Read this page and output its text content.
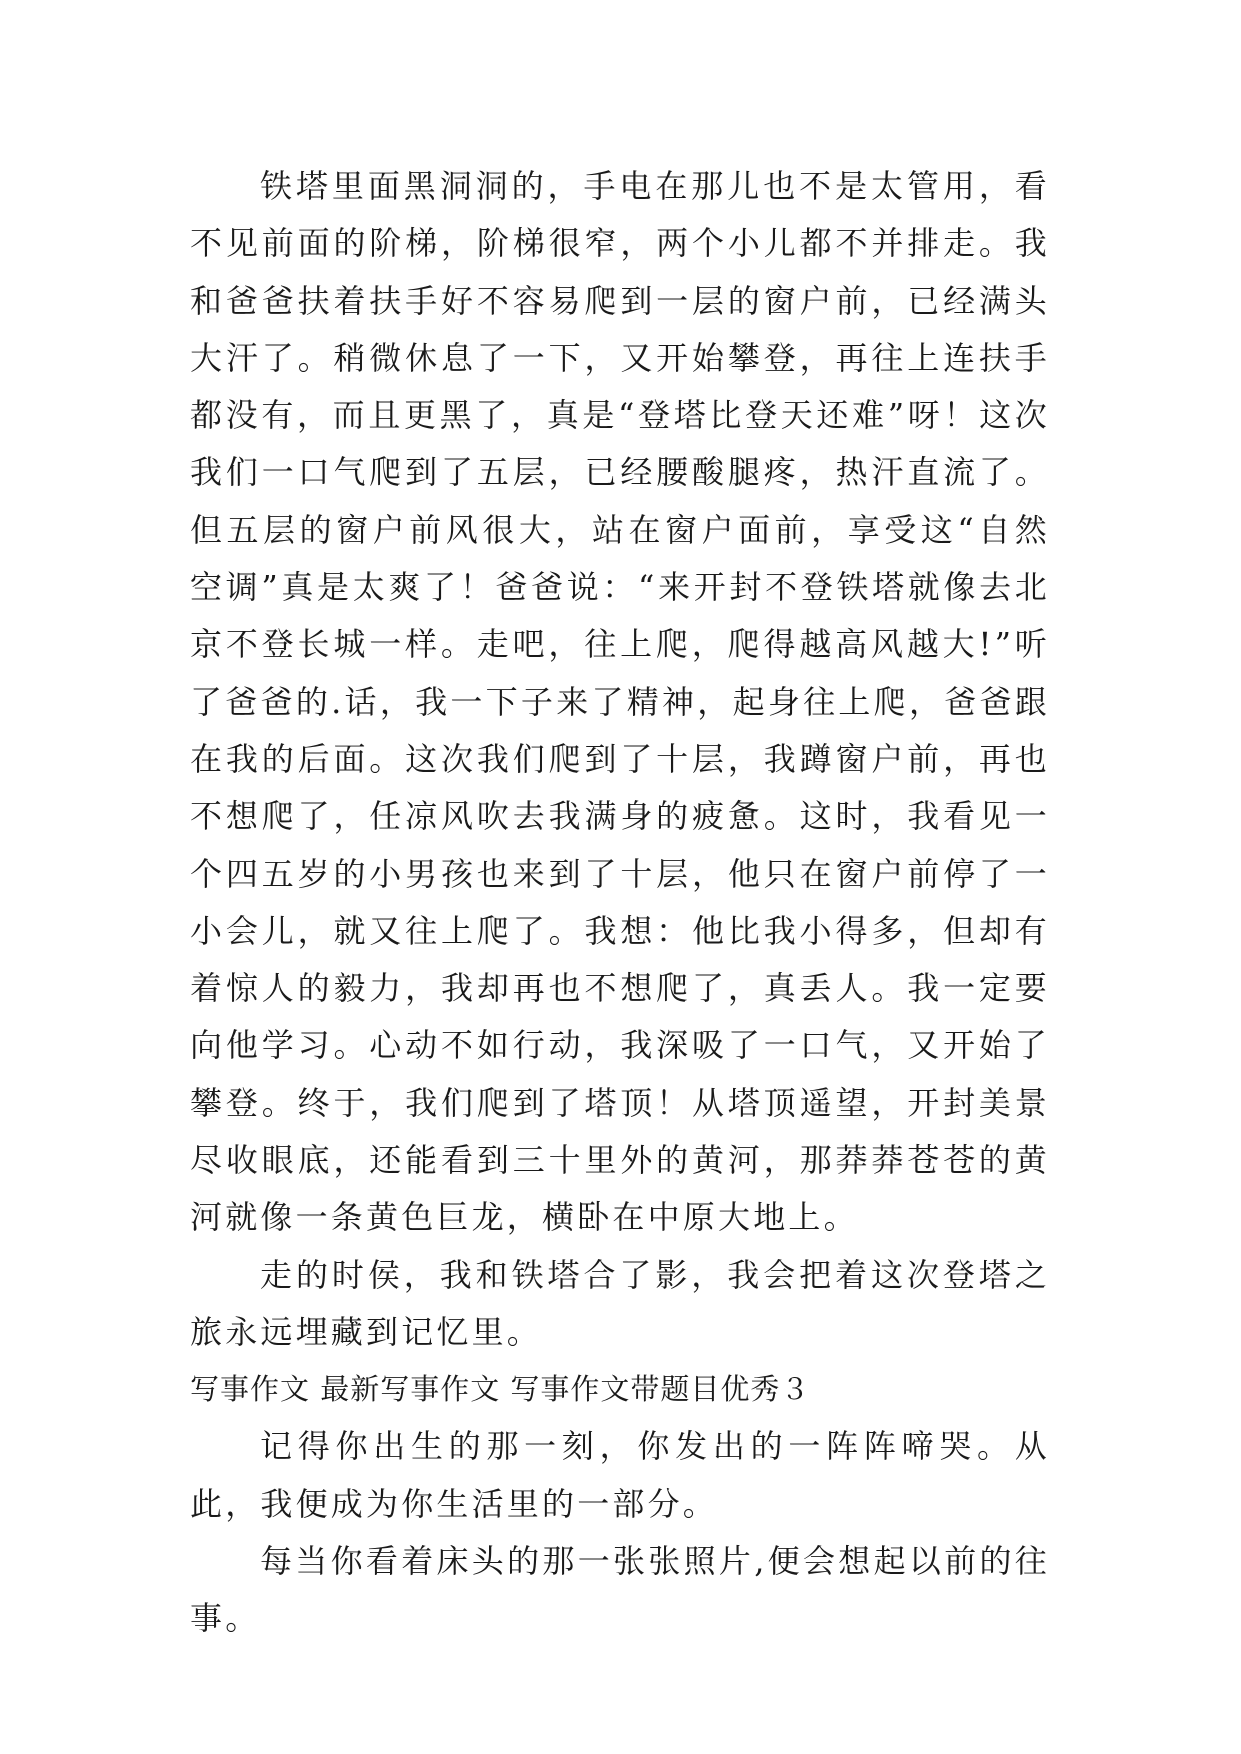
铁塔里面黑洞洞的，手电在那儿也不是太管用，看不见前面的阶梯，阶梯很窄，两个小儿都不并排走。我和爸爸扶着扶手好不容易爬到一层的窗户前，已经满头大汗了。稍微休息了一下，又开始攀登，再往上连扶手都没有，而且更黑了，真是“登塔比登天还难”呀！这次我们一口气爬到了五层，已经腰酸腿疼，热汗直流了。但五层的窗户前风很大，站在窗户面前，享受这“自然空调”真是太爽了！爸爸说：“来开封不登铁塔就像去北京不登长城一样。走吧，往上爬，爬得越高风越大!”听了爸爸的.话，我一下子来了精神，起身往上爬，爸爸跟在我的后面。这次我们爬到了十层，我蹲窗户前，再也不想爬了，任凉风吹去我满身的疲惫。这时，我看见一个四五岁的小男孩也来到了十层，他只在窗户前停了一小会儿，就又往上爬了。我想：他比我小得多，但却有着惊人的毅力，我却再也不想爬了，真丢人。我一定要向他学习。心动不如行动，我深吸了一口气，又开始了攀登。终于，我们爬到了塔顶！从塔顶遥望，开封美景尽收眼底，还能看到三十里外的黄河，那莽莽苍苍的黄河就像一条黄色巨龙，横卧在中原大地上。

走的时侯，我和铁塔合了影，我会把着这次登塔之旅永远埋藏到记忆里。

写事作文 最新写事作文 写事作文带题目优秀３

记得你出生的那一刻，你发出的一阵阵啼哭。从此，我便成为你生活里的一部分。

每当你看着床头的那一张张照片,便会想起以前的往事。
